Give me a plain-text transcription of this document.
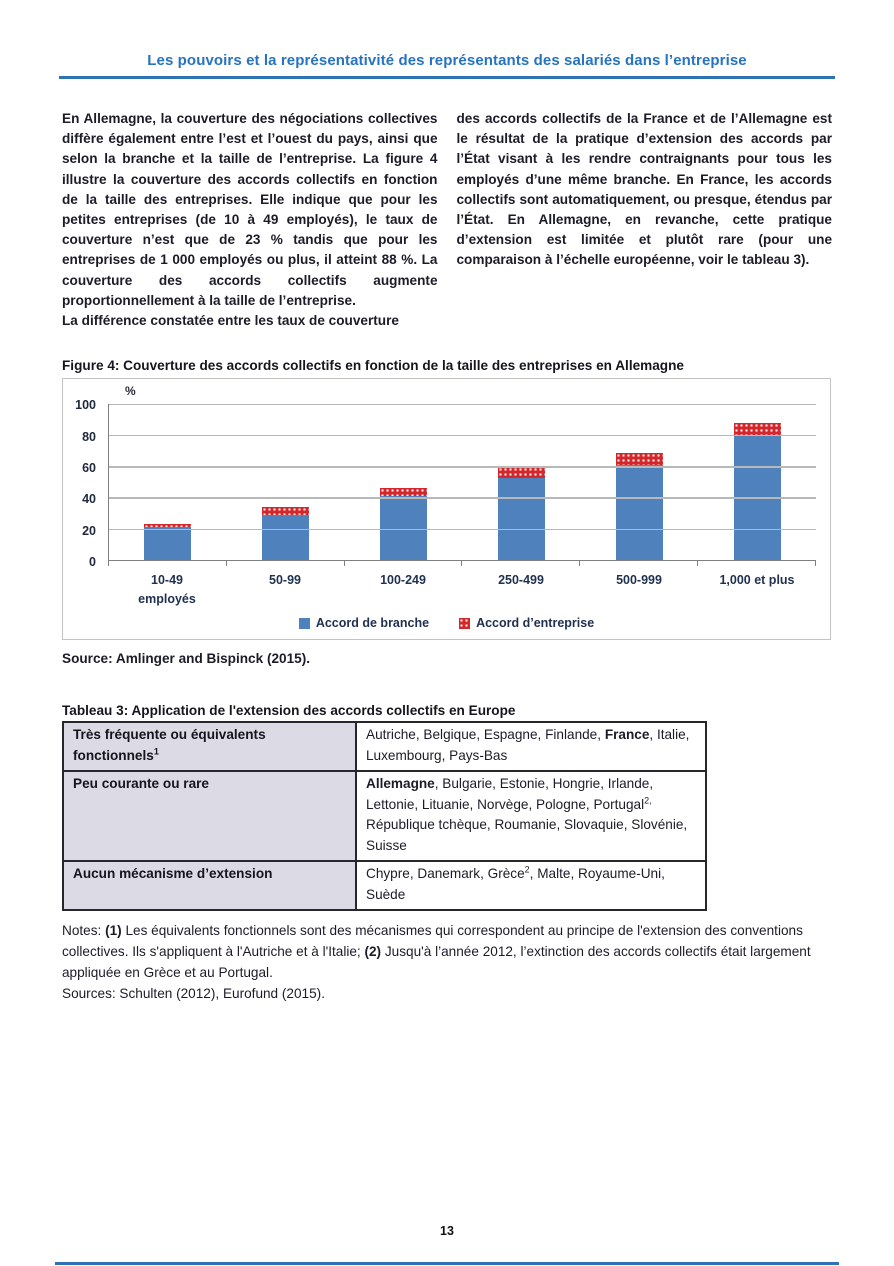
Les pouvoirs et la représentativité des représentants des salariés dans l’entreprise

En Allemagne, la couverture des négociations collectives diffère également entre l’est et l’ouest du pays, ainsi que selon la branche et la taille de l’entreprise. La figure 4 illustre la couverture des accords collectifs en fonction de la taille des entreprises. Elle indique que pour les petites entreprises (de 10 à 49 employés), le taux de couverture n’est que de 23 % tandis que pour les entreprises de 1 000 employés ou plus, il atteint 88 %. La couverture des accords collectifs augmente proportionnellement à la taille de l’entreprise.

La différence constatée entre les taux de couverture

des accords collectifs de la France et de l’Allemagne est le résultat de la pratique d’extension des accords par l’État visant à les rendre contraignants pour tous les employés d’une même branche. En France, les accords collectifs sont automatiquement, ou presque, étendus par l’État. En Allemagne, en revanche, cette pratique d’extension est limitée et plutôt rare (pour une comparaison à l’échelle européenne, voir le tableau 3).

Figure 4: Couverture des accords collectifs en fonction de la taille des entreprises en Allemagne
%
0
20
40
60
80
100
10-49
employés
50-99	100-249	250-499	500-999	1,000 et plus
Accord de branche	Accord d’entreprise
Source: Amlinger and Bispinck (2015).
Tableau 3: Application de l'extension des accords collectifs en Europe
Très fréquente ou équivalents fonctionnels$^1$	Autriche, Belgique, Espagne, Finlande, France, Italie, Luxembourg, Pays-Bas
Peu courante ou rare	Allemagne, Bulgarie, Estonie, Hongrie, Irlande, Lettonie, Lituanie, Norvège, Pologne, Portugal$^{2,}$ République tchèque, Roumanie, Slovaquie, Slovénie, Suisse
Aucun mécanisme d’extension	Chypre, Danemark, Grèce$^2$, Malte, Royaume-Uni, Suède

Notes: (1) Les équivalents fonctionnels sont des mécanismes qui correspondent au principe de l'extension des conventions collectives. Ils s'appliquent à l'Autriche et à l'Italie; (2) Jusqu'à l’année 2012, l’extinction des accords collectifs était largement appliquée en Grèce et au Portugal.

Sources: Schulten (2012), Eurofund (2015).

13
